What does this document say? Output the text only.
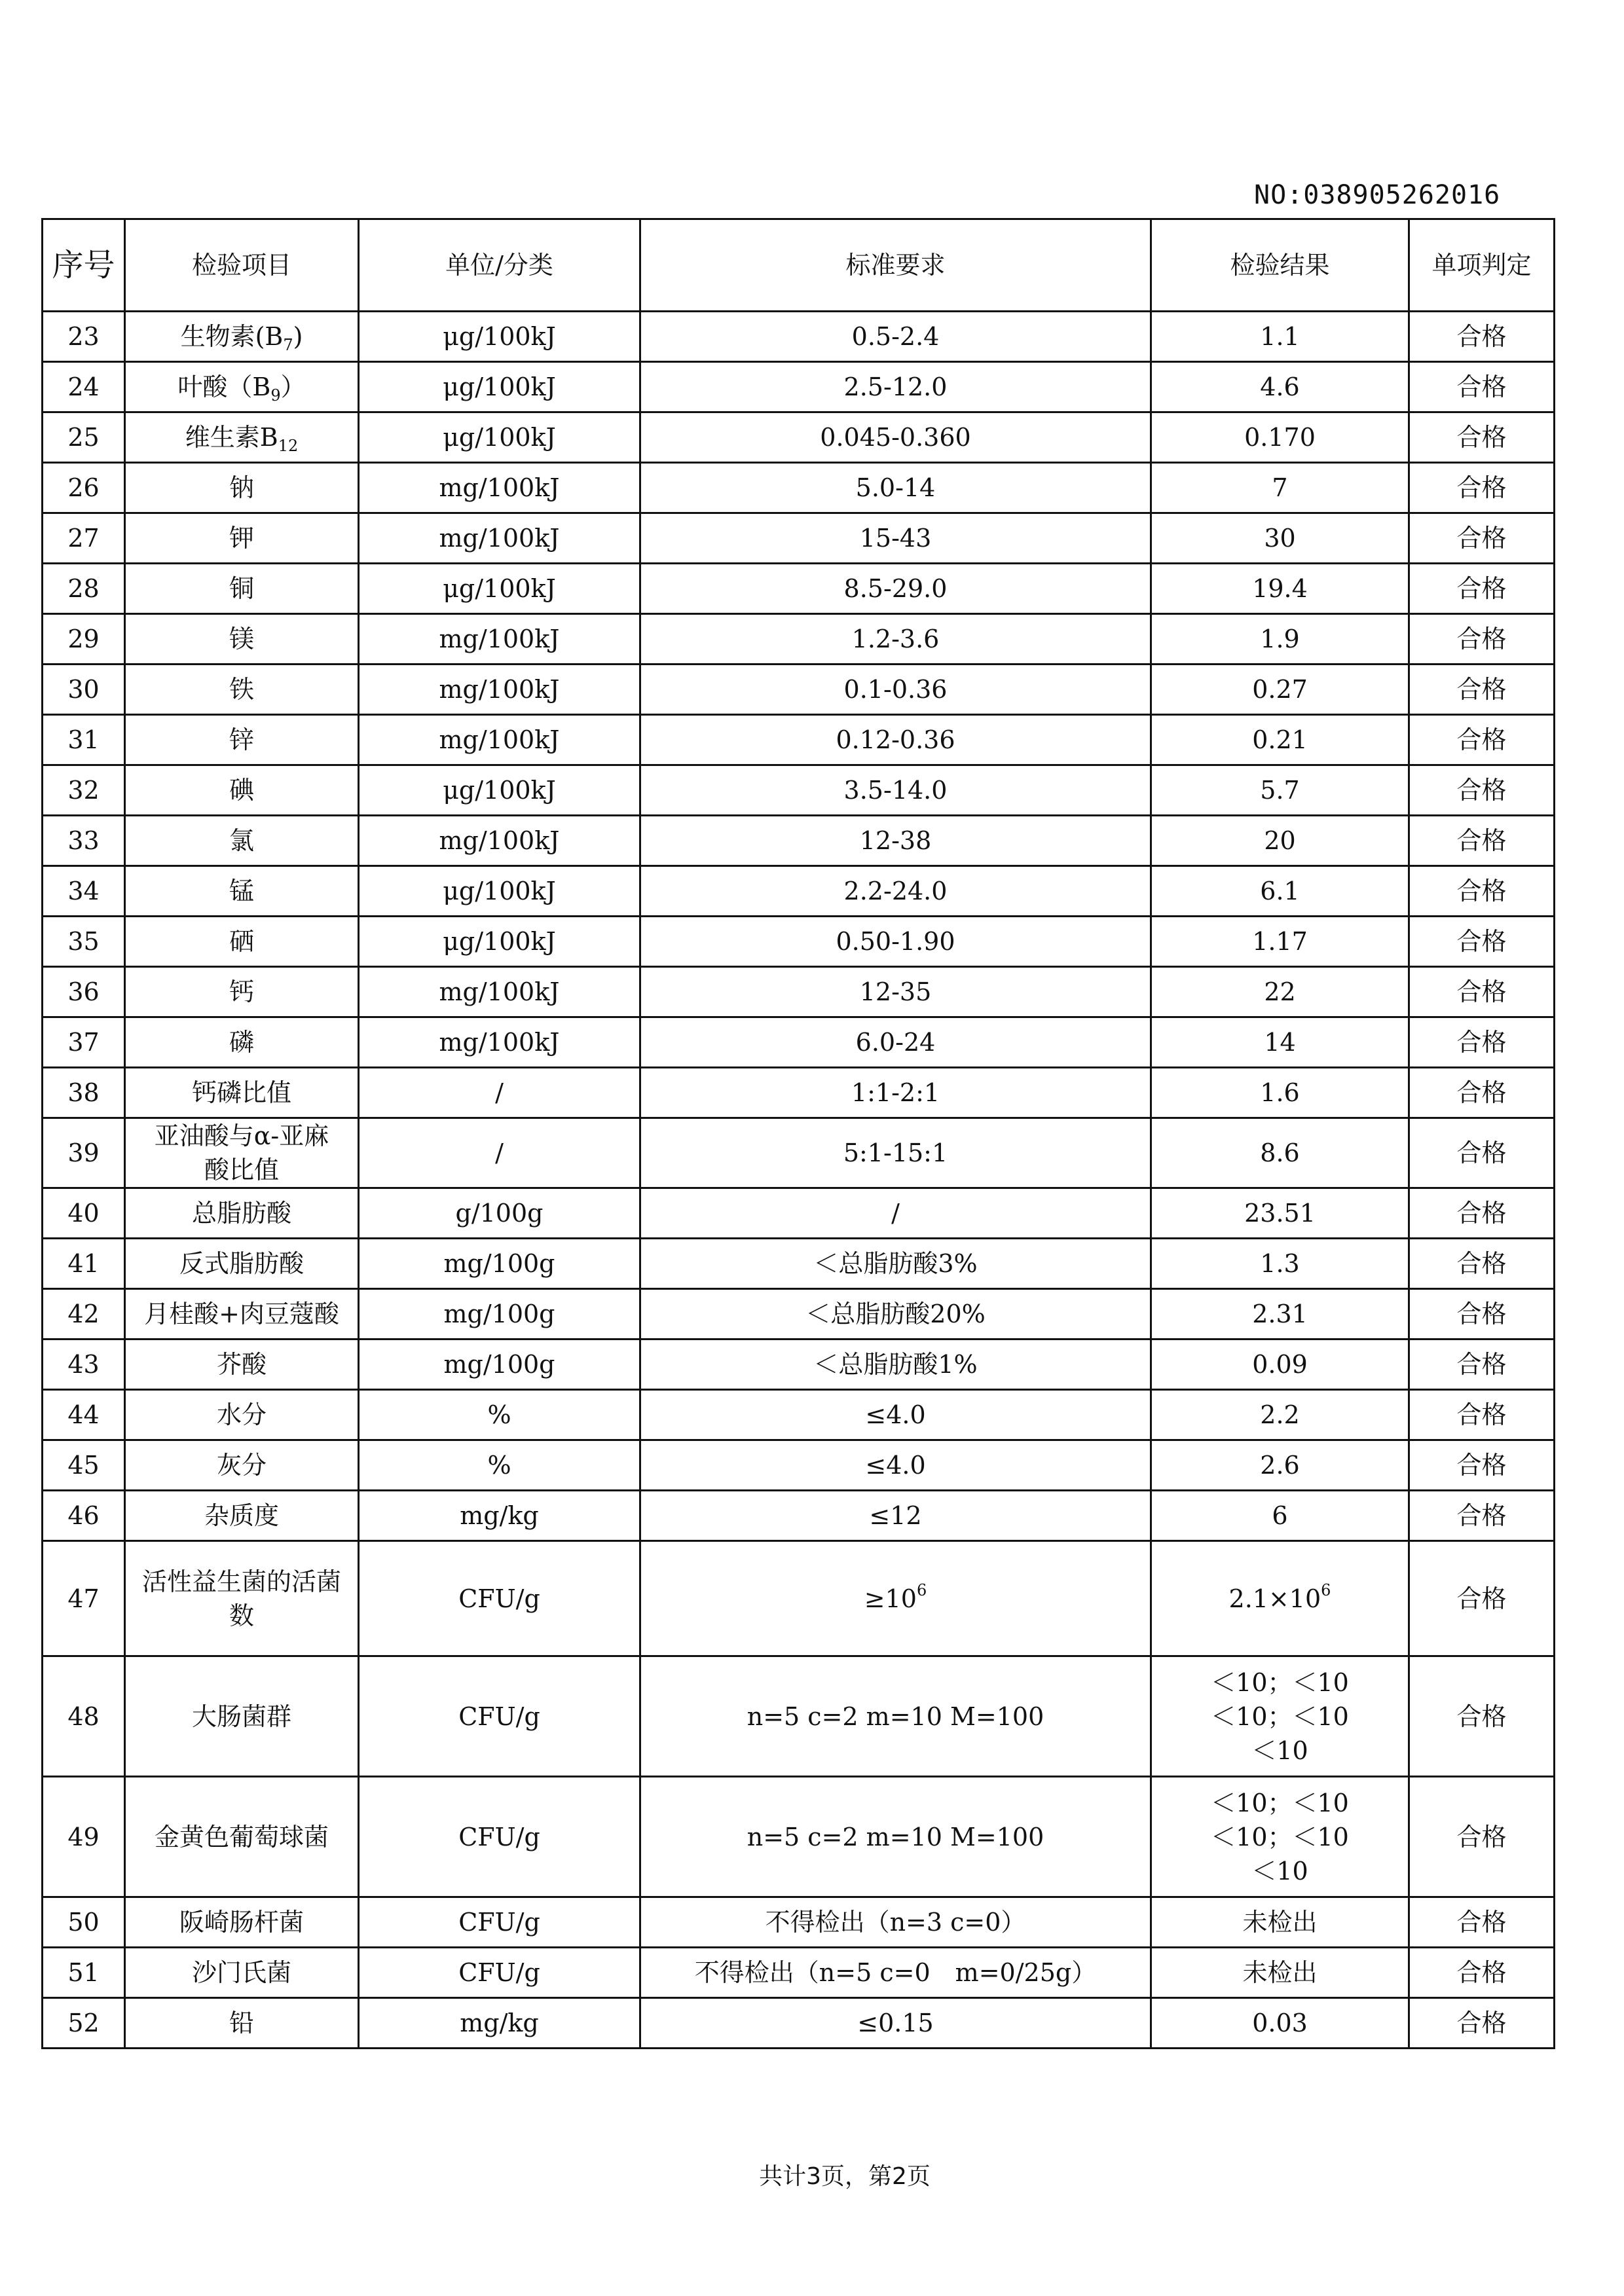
NO:038905262016
序号	检验项目	单位/分类	标准要求	检验结果	单项判定
23	生物素$(B_7)$	μg/100kJ	0.5-2.4	1.1	合格
24	叶酸$(B_9)$	μg/100kJ	2.5-12.0	4.6	合格
25	维生素$B_{12}$	μg/100kJ	0.045-0.360	0.170	合格
26	钠	mg/100kJ	5.0-14	7	合格
27	钾	mg/100kJ	15-43	30	合格
28	铜	μg/100kJ	8.5-29.0	19.4	合格
29	镁	mg/100kJ	1.2-3.6	1.9	合格
30	铁	mg/100kJ	0.1-0.36	0.27	合格
31	锌	mg/100kJ	0.12-0.36	0.21	合格
32	碘	μg/100kJ	3.5-14.0	5.7	合格
33	氯	mg/100kJ	12-38	20	合格
34	锰	μg/100kJ	2.2-24.0	6.1	合格
35	硒	μg/100kJ	0.50-1.90	1.17	合格
36	钙	mg/100kJ	12-35	22	合格
37	磷	mg/100kJ	6.0-24	14	合格
38	钙磷比值	/	1:1-2:1	1.6	合格
39	亚油酸与α-亚麻
酸比值	/	5:1-15:1	8.6	合格
40	总脂肪酸	g/100g	/	23.51	合格
41	反式脂肪酸	mg/100g	＜总脂肪酸3%	1.3	合格
42	月桂酸+肉豆蔻酸	mg/100g	＜总脂肪酸20%	2.31	合格
43	芥酸	mg/100g	＜总脂肪酸1%	0.09	合格
44	水分	%	≤4.0	2.2	合格
45	灰分	%	≤4.0	2.6	合格
46	杂质度	mg/kg	≤12	6	合格
47	活性益生菌的活菌
数	CFU/g	$\ge 10^6$	$2.1\times 10^6$	合格
48	大肠菌群	CFU/g	n=5 c=2 m=10 M=100	＜10；＜10
＜10；＜10
＜10	合格
49	金黄色葡萄球菌	CFU/g	n=5 c=2 m=10 M=100	＜10；＜10
＜10；＜10
＜10	合格
50	阪崎肠杆菌	CFU/g	不得检出（n=3 c=0）	未检出	合格
51	沙门氏菌	CFU/g	不得检出（n=5 c=0　m=0/25g）	未检出	合格
52	铅	mg/kg	≤0.15	0.03	合格
共计3页，第2页
